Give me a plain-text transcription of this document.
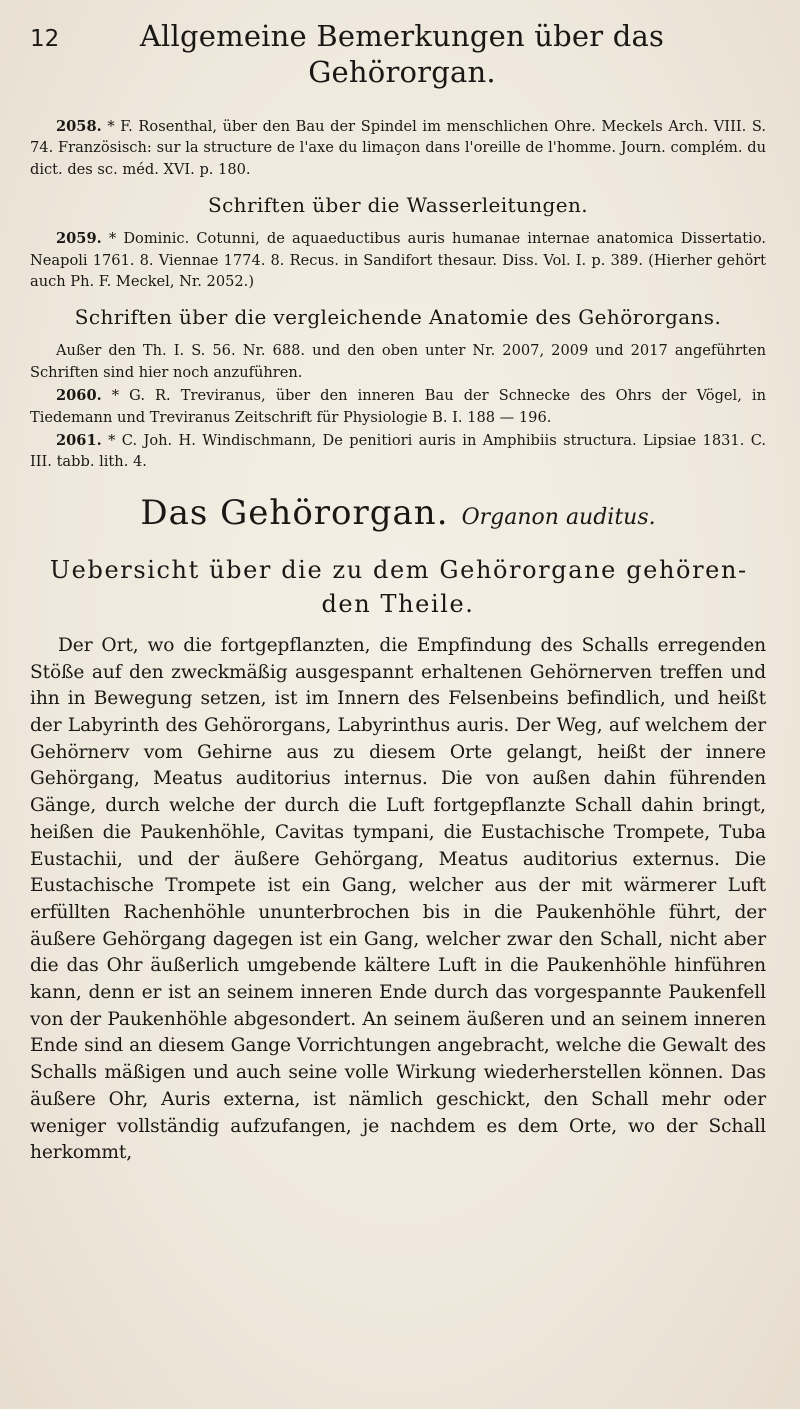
12	Allgemeine Bemerkungen über das Gehörorgan.

2058. * F. Rosenthal, über den Bau der Spindel im menschlichen Ohre. Meckels Arch. VIII. S. 74. Französisch: sur la structure de l'axe du limaçon dans l'oreille de l'homme. Journ. complém. du dict. des sc. méd. XVI. p. 180.

Schriften über die Wasserleitungen.

2059. * Dominic. Cotunni, de aquaeductibus auris humanae internae anatomica Dissertatio. Neapoli 1761. 8. Viennae 1774. 8. Recus. in Sandifort thesaur. Diss. Vol. I. p. 389. (Hierher gehört auch Ph. F. Meckel, Nr. 2052.)

Schriften über die vergleichende Anatomie des Gehörorgans.

Außer den Th. I. S. 56. Nr. 688. und den oben unter Nr. 2007, 2009 und 2017 angeführten Schriften sind hier noch anzuführen.

2060. * G. R. Treviranus, über den inneren Bau der Schnecke des Ohrs der Vögel, in Tiedemann und Treviranus Zeitschrift für Physiologie B. I. 188 — 196.

2061. * C. Joh. H. Windischmann, De penitiori auris in Amphibiis structura. Lipsiae 1831. C. III. tabb. lith. 4.

Das Gehörorgan. Organon auditus.
Uebersicht über die zu dem Gehörorgane gehörenden Theile.

Der Ort, wo die fortgepflanzten, die Empfindung des Schalls erregenden Stöße auf den zweckmäßig ausgespannt erhaltenen Gehörnerven treffen und ihn in Bewegung setzen, ist im Innern des Felsenbeins befindlich, und heißt der Labyrinth des Gehörorgans, Labyrinthus auris. Der Weg, auf welchem der Gehörnerv vom Gehirne aus zu diesem Orte gelangt, heißt der innere Gehörgang, Meatus auditorius internus. Die von außen dahin führenden Gänge, durch welche der durch die Luft fortgepflanzte Schall dahin bringt, heißen die Paukenhöhle, Cavitas tympani, die Eustachische Trompete, Tuba Eustachii, und der äußere Gehörgang, Meatus auditorius externus. Die Eustachische Trompete ist ein Gang, welcher aus der mit wärmerer Luft erfüllten Rachenhöhle ununterbrochen bis in die Paukenhöhle führt, der äußere Gehörgang dagegen ist ein Gang, welcher zwar den Schall, nicht aber die das Ohr äußerlich umgebende kältere Luft in die Paukenhöhle hinführen kann, denn er ist an seinem inneren Ende durch das vorgespannte Paukenfell von der Paukenhöhle abgesondert. An seinem äußeren und an seinem inneren Ende sind an diesem Gange Vorrichtungen angebracht, welche die Gewalt des Schalls mäßigen und auch seine volle Wirkung wiederherstellen können. Das äußere Ohr, Auris externa, ist nämlich geschickt, den Schall mehr oder weniger vollständig aufzufangen, je nachdem es dem Orte, wo der Schall herkommt,
